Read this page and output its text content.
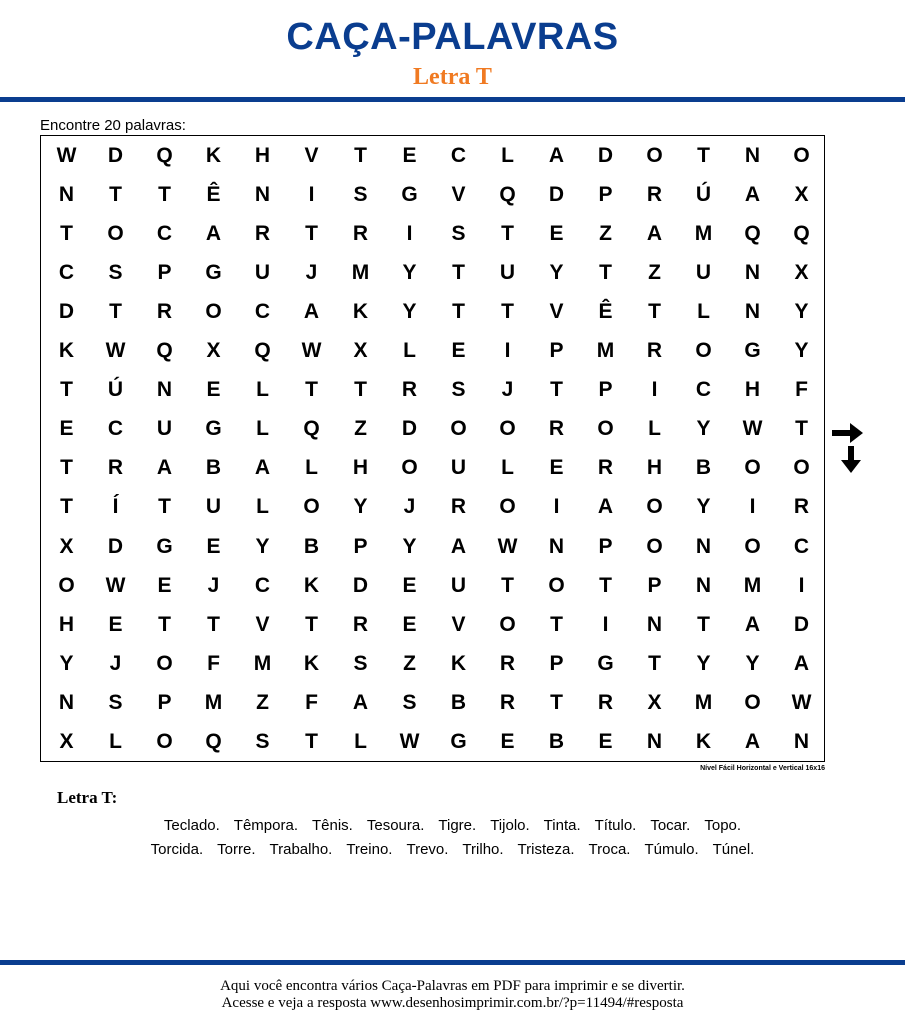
CAÇA-PALAVRAS
Letra T
Encontre 20 palavras:
W	D	Q	K	H	V	T	E	C	L	A	D	O	T	N	O
N	T	T	Ê	N	I	S	G	V	Q	D	P	R	Ú	A	X
T	O	C	A	R	T	R	I	S	T	E	Z	A	M	Q	Q
C	S	P	G	U	J	M	Y	T	U	Y	T	Z	U	N	X
D	T	R	O	C	A	K	Y	T	T	V	Ê	T	L	N	Y
K	W	Q	X	Q	W	X	L	E	I	P	M	R	O	G	Y
T	Ú	N	E	L	T	T	R	S	J	T	P	I	C	H	F
E	C	U	G	L	Q	Z	D	O	O	R	O	L	Y	W	T
T	R	A	B	A	L	H	O	U	L	E	R	H	B	O	O
T	Í	T	U	L	O	Y	J	R	O	I	A	O	Y	I	R
X	D	G	E	Y	B	P	Y	A	W	N	P	O	N	O	C
O	W	E	J	C	K	D	E	U	T	O	T	P	N	M	I
H	E	T	T	V	T	R	E	V	O	T	I	N	T	A	D
Y	J	O	F	M	K	S	Z	K	R	P	G	T	Y	Y	A
N	S	P	M	Z	F	A	S	B	R	T	R	X	M	O	W
X	L	O	Q	S	T	L	W	G	E	B	E	N	K	A	N
Nível Fácil Horizontal e Vertical 16x16
Letra T:
Teclado. Têmpora. Tênis. Tesoura. Tigre. Tijolo. Tinta. Título. Tocar. Topo.
Torcida. Torre. Trabalho. Treino. Trevo. Trilho. Tristeza. Troca. Túmulo. Túnel.
Aqui você encontra vários Caça-Palavras em PDF para imprimir e se divertir.
Acesse e veja a resposta www.desenhosimprimir.com.br/?p=11494/#resposta
